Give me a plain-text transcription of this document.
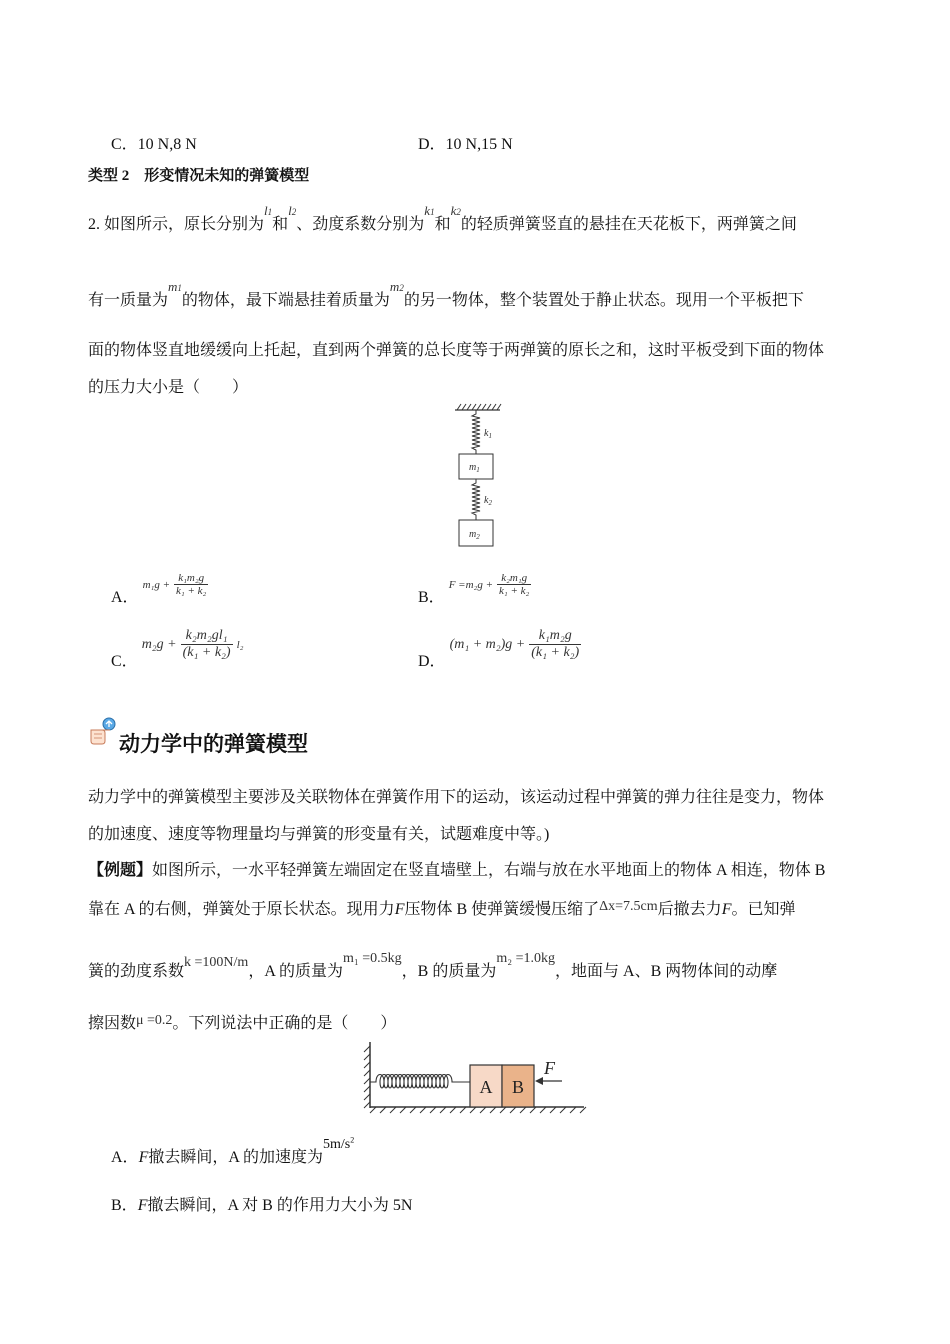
C．10 N,8 N	D．10 N,15 N
类型 2　形变情况未知的弹簧模型
2. 如图所示，原长分别为$^{l1}$和$^{l2}$、劲度系数分别为$^{k1}$和$^{k2}$的轻质弹簧竖直的悬挂在天花板下，两弹簧之间
有一质量为$^{m1}$的物体，最下端悬挂着质量为$^{m2}$的另一物体，整个装置处于静止状态。现用一个平板把下
面的物体竖直地缓缓向上托起，直到两个弹簧的总长度等于两弹簧的原长之和，这时平板受到下面的物体
的压力大小是（　　）
$k_1$
$m_1$
$k_2$
$m_2$
A． $m_1g + \frac{\text{k₁m₂g}}{\text{k₁ + k₂}}$
B． $F =m_2g + \frac{\text{k₂m₁g}}{\text{k₁ + k₂}}$
C． $m_2g + \frac{\text{k₂m₂gl₁}}{\text{(k₁ + k₂)}} l_2$
D． $(m_1 + m_2)g + \frac{\text{k₁m₂g}}{\text{(k₁ + k₂)}}$
动力学中的弹簧模型
动力学中的弹簧模型主要涉及关联物体在弹簧作用下的运动，该运动过程中弹簧的弹力往往是变力，物体
的加速度、速度等物理量均与弹簧的形变量有关，试题难度中等。)
【例题】如图所示，一水平轻弹簧左端固定在竖直墙壁上，右端与放在水平地面上的物体 A 相连，物体 B
靠在 A 的右侧，弹簧处于原长状态。现用力F压物体 B 使弹簧缓慢压缩了Δx=7.5cm后撤去力F。已知弹
簧的劲度系数k =100N/m，A 的质量为m₁ =0.5kg，B 的质量为m₂ =1.0kg，地面与 A、B 两物体间的动摩
擦因数μ =0.2。下列说法中正确的是（　　）
A B
F
A．F撤去瞬间，A 的加速度为$5m/s^2$
B．F撤去瞬间，A 对 B 的作用力大小为 5N
